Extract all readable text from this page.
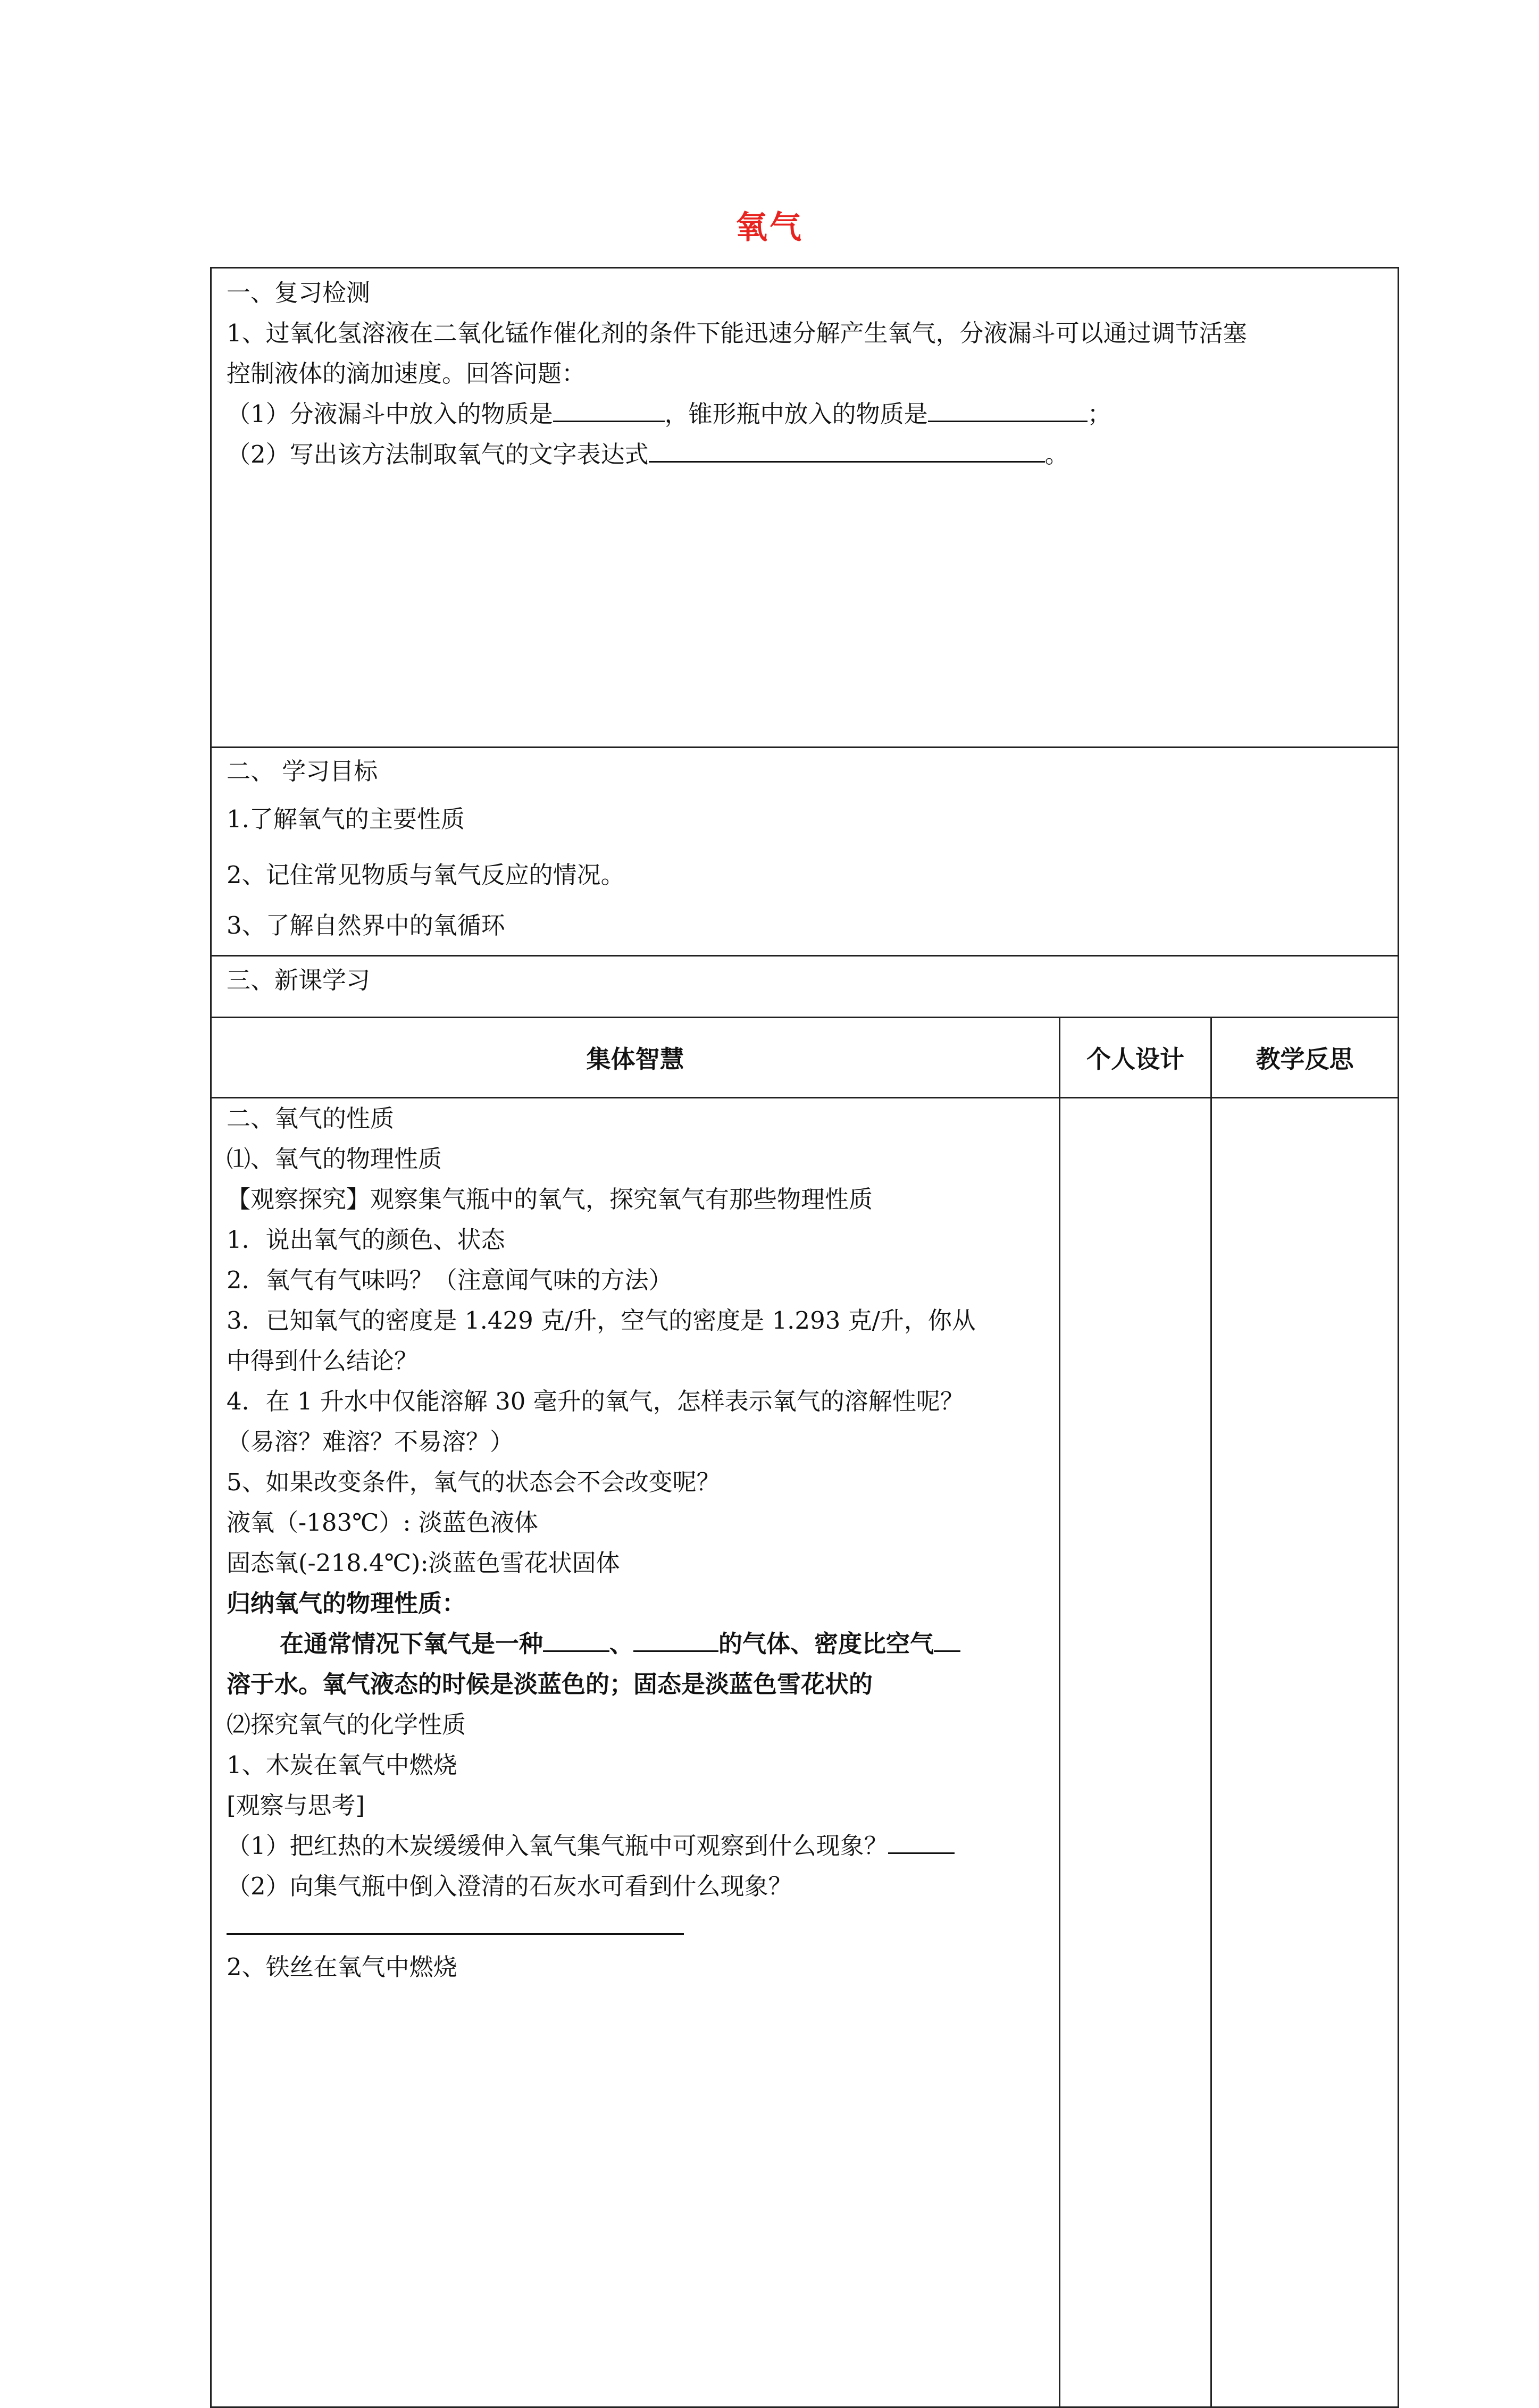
氧气
一、复习检测
1、过氧化氢溶液在二氧化锰作催化剂的条件下能迅速分解产生氧气，分液漏斗可以通过调节活塞
控制液体的滴加速度。回答问题：
（1）分液漏斗中放入的物质是	，锥形瓶中放入的物质是	；
（2）写出该方法制取氧气的文字表达式	。
二、 学习目标
1.了解氧气的主要性质
2、记住常见物质与氧气反应的情况。
3、了解自然界中的氧循环
三、新课学习
集体智慧	个人设计	教学反思
二、氧气的性质
⑴、氧气的物理性质
【观察探究】观察集气瓶中的氧气，探究氧气有那些物理性质
1．说出氧气的颜色、状态
2．氧气有气味吗？（注意闻气味的方法）
3．已知氧气的密度是 1.429 克/升，空气的密度是 1.293 克/升，你从
中得到什么结论？
4．在 1 升水中仅能溶解 30 毫升的氧气，怎样表示氧气的溶解性呢？
（易溶？难溶？不易溶？）
5、如果改变条件，氧气的状态会不会改变呢？
液氧（-183℃）: 淡蓝色液体
固态氧(-218.4℃):淡蓝色雪花状固体
归纳氧气的物理性质：
在通常情况下氧气是一种	、	的气体、密度比空气
溶于水。氧气液态的时候是淡蓝色的；固态是淡蓝色雪花状的
⑵探究氧气的化学性质
1、木炭在氧气中燃烧
[观察与思考]
（1）把红热的木炭缓缓伸入氧气集气瓶中可观察到什么现象？
（2）向集气瓶中倒入澄清的石灰水可看到什么现象？
2、铁丝在氧气中燃烧
